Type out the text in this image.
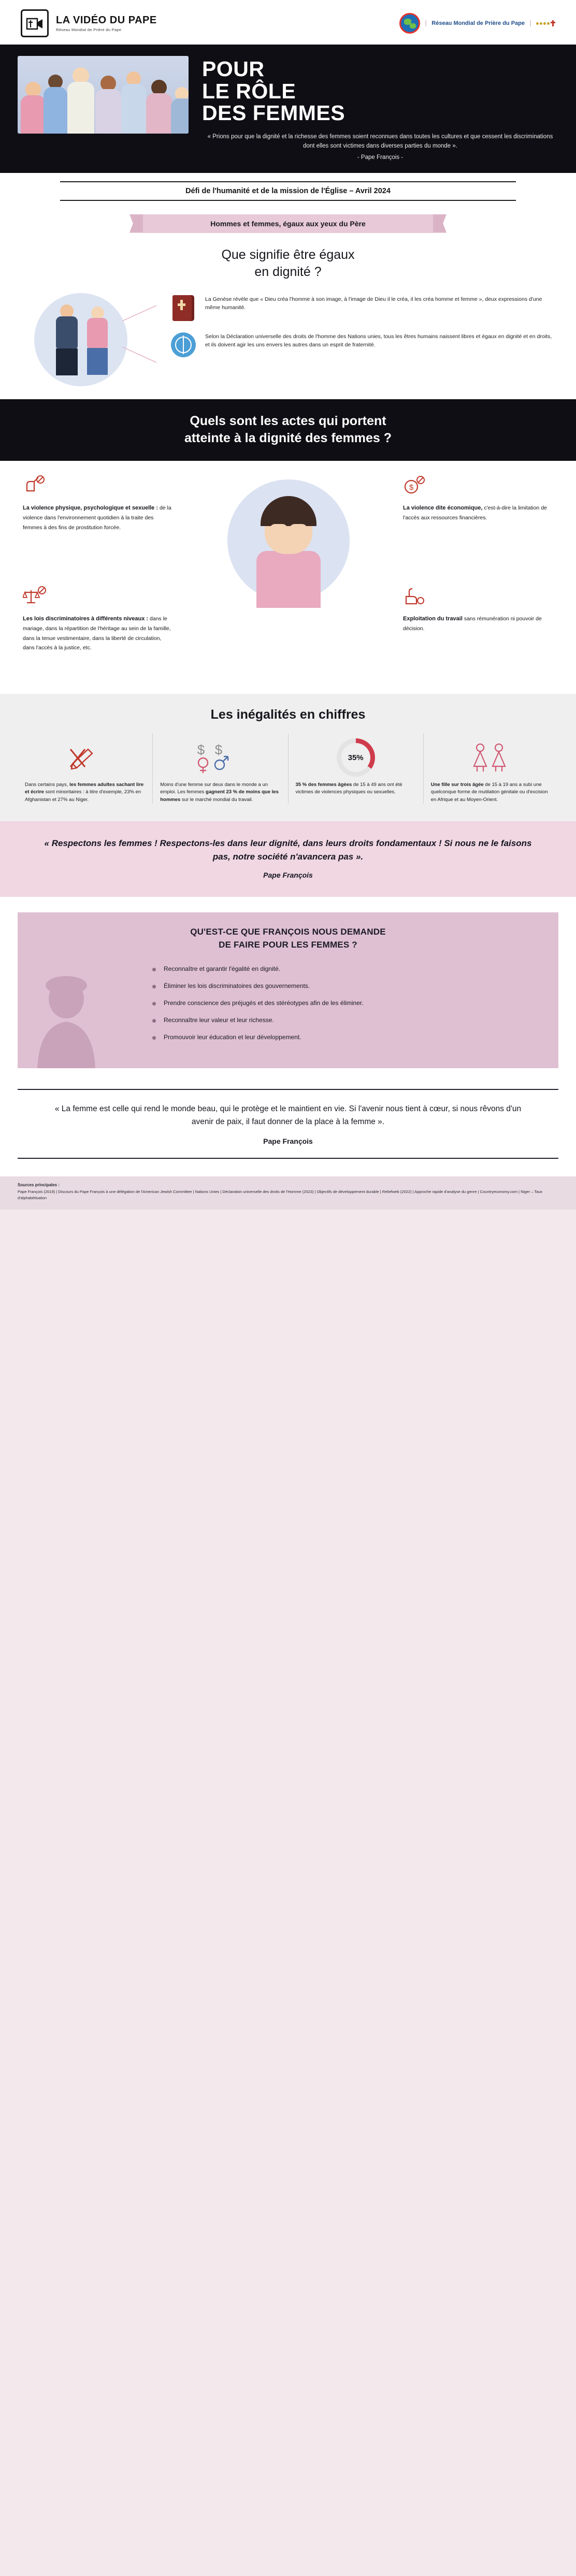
LA VIDÉO DU PAPE
Réseau Mondial de Prière du Pape
Réseau Mondial de Prière du Pape
POUR
LE RÔLE
DES FEMMES
« Prions pour que la dignité et la richesse des femmes soient reconnues dans toutes les cultures et que cessent les discriminations dont elles sont victimes dans diverses parties du monde ».
- Pape François -
Défi de l'humanité et de la mission de l'Église – Avril 2024
Hommes et femmes, égaux aux yeux du Père
Que signifie être égaux
en dignité ?
La Genèse révèle que « Dieu créa l'homme à son image, à l'image de Dieu il le créa, il les créa homme et femme », deux expressions d'une même humanité.
Selon la Déclaration universelle des droits de l'homme des Nations unies, tous les êtres humains naissent libres et égaux en dignité et en droits, et ils doivent agir les uns envers les autres dans un esprit de fraternité.
Quels sont les actes qui portent
atteinte à la dignité des femmes ?
La violence physique, psychologique et sexuelle :

de la violence dans l'environnement quotidien à la traite des femmes à des fins de prostitution forcée.

$
La violence dite économique,

c'est-à-dire la limitation de l'accès aux ressources financières.

Les lois discriminatoires à différents niveaux :

dans le mariage, dans la répartition de l'héritage au sein de la famille, dans la tenue vestimentaire, dans la liberté de circulation, dans l'accès à la justice, etc.

Exploitation du travail

sans rémunération ni pouvoir de décision.

Les inégalités en chiffres

Dans certains pays, les femmes adultes sachant lire et écrire sont minoritaires : à titre d'exemple, 23% en Afghanistan et 27% au Niger.

$ $

Moins d'une femme sur deux dans le monde a un emploi. Les femmes gagnent 23 % de moins que les hommes sur le marché mondial du travail.

35%

35 % des femmes âgées de 15 à 49 ans ont été victimes de violences physiques ou sexuelles.

Une fille sur trois âgée de 15 à 19 ans a subi une quelconque forme de mutilation génitale ou d'excision en Afrique et au Moyen-Orient.

« Respectons les femmes ! Respectons-les dans leur dignité, dans leurs droits fondamentaux ! Si nous ne le faisons pas, notre société n'avancera pas ».
Pape François
QU'EST-CE QUE FRANÇOIS NOUS DEMANDE
DE FAIRE POUR LES FEMMES ?
Reconnaître et garantir l'égalité en dignité.
Éliminer les lois discriminatoires des gouvernements.
Prendre conscience des préjugés et des stéréotypes afin de les éliminer.
Reconnaître leur valeur et leur richesse.
Promouvoir leur éducation et leur développement.
« La femme est celle qui rend le monde beau, qui le protège et le maintient en vie. Si l'avenir nous tient à cœur, si nous rêvons d'un avenir de paix, il faut donner de la place à la femme ».
Pape François
Sources principales :
Pape François (2019) | Discours du Pape François à une délégation de l'American Jewish Committee | Nations Unies | Déclaration universelle des droits de l'Homme (2023) | Objectifs de développement durable | Reliefweb (2022) | Approche rapide d'analyse du genre | Countryeconomy.com | Niger – Taux d'alphabétisation
